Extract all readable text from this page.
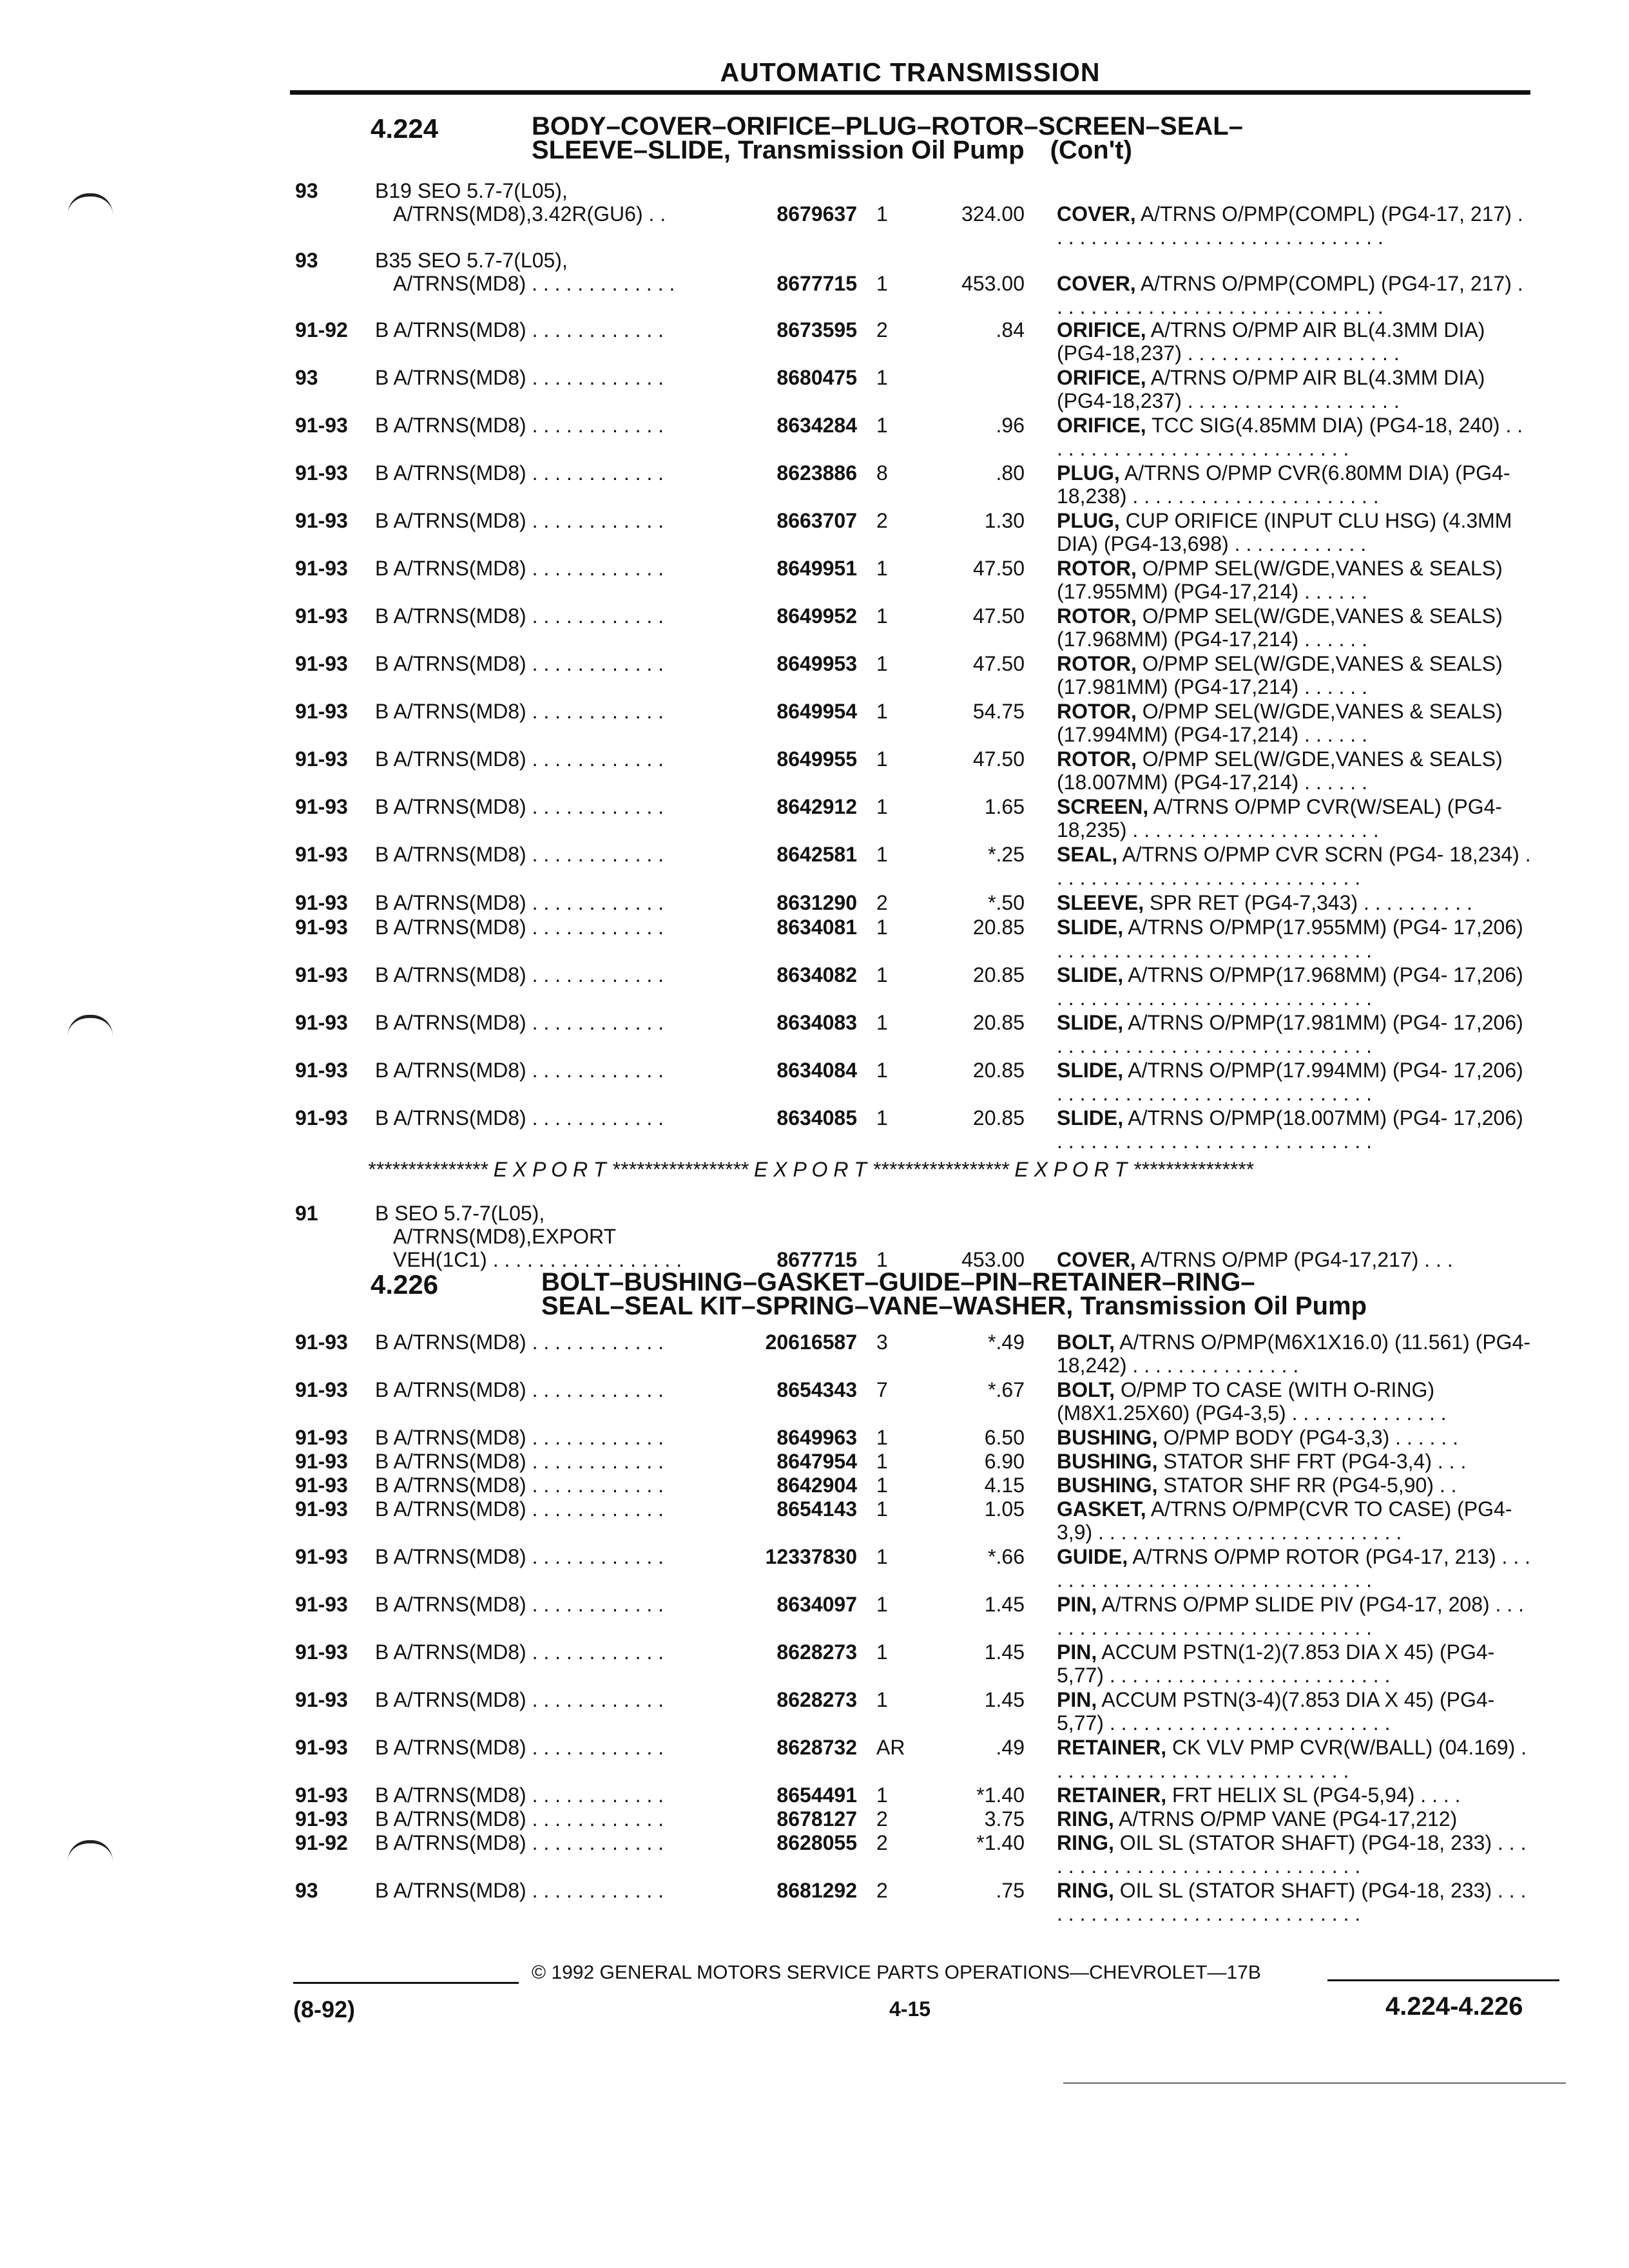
AUTOMATIC TRANSMISSION
4.224	BODY–COVER–ORIFICE–PLUG–ROTOR–SCREEN–SEAL–
SLEEVE–SLIDE, Transmission Oil Pump (Con't)
4.226	BOLT–BUSHING–GASKET–GUIDE–PIN–RETAINER–RING–
SEAL–SEAL KIT–SPRING–VANE–WASHER, Transmission Oil Pump
*************** E X P O R T ***************** E X P O R T ***************** E X P O R T ***************
93	B19 SEO 5.7-7(L05),
A/TRNS(MD8),3.42R(GU6) . .	8679637 1	324.00 COVER, A/TRNS O/PMP(COMPL) (PG4-17, 217) . . . . . . . . . . . . . . . . . . . . . . . . . . . . . .
93	B35 SEO 5.7-7(L05),
A/TRNS(MD8) . . . . . . . . . . . . .	8677715 1	453.00 COVER, A/TRNS O/PMP(COMPL) (PG4-17, 217) . . . . . . . . . . . . . . . . . . . . . . . . . . . . . .
91-92 B A/TRNS(MD8) . . . . . . . . . . . .	8673595 2	.84 ORIFICE, A/TRNS O/PMP AIR BL(4.3MM DIA) (PG4-18,237) . . . . . . . . . . . . . . . . . . .
93	B A/TRNS(MD8) . . . . . . . . . . . .	8680475 1	ORIFICE, A/TRNS O/PMP AIR BL(4.3MM DIA) (PG4-18,237) . . . . . . . . . . . . . . . . . . .
91-93 B A/TRNS(MD8) . . . . . . . . . . . .	8634284 1	.96 ORIFICE, TCC SIG(4.85MM DIA) (PG4-18, 240) . . . . . . . . . . . . . . . . . . . . . . . . . . . .
91-93 B A/TRNS(MD8) . . . . . . . . . . . .	8623886 8	.80 PLUG, A/TRNS O/PMP CVR(6.80MM DIA) (PG4-18,238) . . . . . . . . . . . . . . . . . . . . . .
91-93 B A/TRNS(MD8) . . . . . . . . . . . .	8663707 2	1.30 PLUG, CUP ORIFICE (INPUT CLU HSG) (4.3MM DIA) (PG4-13,698) . . . . . . . . . . . .
91-93 B A/TRNS(MD8) . . . . . . . . . . . .	8649951 1	47.50 ROTOR, O/PMP SEL(W/GDE,VANES & SEALS)(17.955MM) (PG4-17,214) . . . . . .
91-93 B A/TRNS(MD8) . . . . . . . . . . . .	8649952 1	47.50 ROTOR, O/PMP SEL(W/GDE,VANES & SEALS)(17.968MM) (PG4-17,214) . . . . . .
91-93 B A/TRNS(MD8) . . . . . . . . . . . .	8649953 1	47.50 ROTOR, O/PMP SEL(W/GDE,VANES & SEALS)(17.981MM) (PG4-17,214) . . . . . .
91-93 B A/TRNS(MD8) . . . . . . . . . . . .	8649954 1	54.75 ROTOR, O/PMP SEL(W/GDE,VANES & SEALS)(17.994MM) (PG4-17,214) . . . . . .
91-93 B A/TRNS(MD8) . . . . . . . . . . . .	8649955 1	47.50 ROTOR, O/PMP SEL(W/GDE,VANES & SEALS)(18.007MM) (PG4-17,214) . . . . . .
91-93 B A/TRNS(MD8) . . . . . . . . . . . .	8642912 1	1.65 SCREEN, A/TRNS O/PMP CVR(W/SEAL) (PG4-18,235) . . . . . . . . . . . . . . . . . . . . . .
91-93 B A/TRNS(MD8) . . . . . . . . . . . .	8642581 1	*.25 SEAL, A/TRNS O/PMP CVR SCRN (PG4- 18,234) . . . . . . . . . . . . . . . . . . . . . . . . . . . .
91-93 B A/TRNS(MD8) . . . . . . . . . . . .	8631290 2	*.50 SLEEVE, SPR RET (PG4-7,343) . . . . . . . . . .
91-93 B A/TRNS(MD8) . . . . . . . . . . . .	8634081 1	20.85 SLIDE, A/TRNS O/PMP(17.955MM) (PG4- 17,206) . . . . . . . . . . . . . . . . . . . . . . . . . . . .
91-93 B A/TRNS(MD8) . . . . . . . . . . . .	8634082 1	20.85 SLIDE, A/TRNS O/PMP(17.968MM) (PG4- 17,206) . . . . . . . . . . . . . . . . . . . . . . . . . . . .
91-93 B A/TRNS(MD8) . . . . . . . . . . . .	8634083 1	20.85 SLIDE, A/TRNS O/PMP(17.981MM) (PG4- 17,206) . . . . . . . . . . . . . . . . . . . . . . . . . . . .
91-93 B A/TRNS(MD8) . . . . . . . . . . . .	8634084 1	20.85 SLIDE, A/TRNS O/PMP(17.994MM) (PG4- 17,206) . . . . . . . . . . . . . . . . . . . . . . . . . . . .
91-93 B A/TRNS(MD8) . . . . . . . . . . . .	8634085 1	20.85 SLIDE, A/TRNS O/PMP(18.007MM) (PG4- 17,206) . . . . . . . . . . . . . . . . . . . . . . . . . . . .
91	B SEO 5.7-7(L05),
A/TRNS(MD8),EXPORT
VEH(1C1) . . . . . . . . . . . . . . . . .	8677715 1	453.00 COVER, A/TRNS O/PMP (PG4-17,217) . . .
91-93 B A/TRNS(MD8) . . . . . . . . . . . .	20616587 3	*.49 BOLT, A/TRNS O/PMP(M6X1X16.0) (11.561) (PG4-18,242) . . . . . . . . . . . . . . .
91-93 B A/TRNS(MD8) . . . . . . . . . . . .	8654343 7	*.67 BOLT, O/PMP TO CASE (WITH O-RING) (M8X1.25X60) (PG4-3,5) . . . . . . . . . . . . . .
91-93 B A/TRNS(MD8) . . . . . . . . . . . .	8649963 1	6.50 BUSHING, O/PMP BODY (PG4-3,3) . . . . . .
91-93 B A/TRNS(MD8) . . . . . . . . . . . .	8647954 1	6.90 BUSHING, STATOR SHF FRT (PG4-3,4) . . .
91-93 B A/TRNS(MD8) . . . . . . . . . . . .	8642904 1	4.15 BUSHING, STATOR SHF RR (PG4-5,90) . .
91-93 B A/TRNS(MD8) . . . . . . . . . . . .	8654143 1	1.05 GASKET, A/TRNS O/PMP(CVR TO CASE) (PG4-3,9) . . . . . . . . . . . . . . . . . . . . . . . . . . .
91-93 B A/TRNS(MD8) . . . . . . . . . . . .	12337830 1	*.66 GUIDE, A/TRNS O/PMP ROTOR (PG4-17, 213) . . . . . . . . . . . . . . . . . . . . . . . . . . . . . . .
91-93 B A/TRNS(MD8) . . . . . . . . . . . .	8634097 1	1.45 PIN, A/TRNS O/PMP SLIDE PIV (PG4-17, 208) . . . . . . . . . . . . . . . . . . . . . . . . . . . . . . .
91-93 B A/TRNS(MD8) . . . . . . . . . . . .	8628273 1	1.45 PIN, ACCUM PSTN(1-2)(7.853 DIA X 45) (PG4-5,77) . . . . . . . . . . . . . . . . . . . . . . . . .
91-93 B A/TRNS(MD8) . . . . . . . . . . . .	8628273 1	1.45 PIN, ACCUM PSTN(3-4)(7.853 DIA X 45) (PG4-5,77) . . . . . . . . . . . . . . . . . . . . . . . . .
91-93 B A/TRNS(MD8) . . . . . . . . . . . .	8628732 AR	.49 RETAINER, CK VLV PMP CVR(W/BALL) (04.169) . . . . . . . . . . . . . . . . . . . . . . . . . . .
91-93 B A/TRNS(MD8) . . . . . . . . . . . .	8654491 1	*1.40 RETAINER, FRT HELIX SL (PG4-5,94) . . . .
91-93 B A/TRNS(MD8) . . . . . . . . . . . .	8678127 2	3.75 RING, A/TRNS O/PMP VANE (PG4-17,212)
91-92 B A/TRNS(MD8) . . . . . . . . . . . .	8628055 2	*1.40 RING, OIL SL (STATOR SHAFT) (PG4-18, 233) . . . . . . . . . . . . . . . . . . . . . . . . . . . . . .
93	B A/TRNS(MD8) . . . . . . . . . . . .	8681292 2	.75 RING, OIL SL (STATOR SHAFT) (PG4-18, 233) . . . . . . . . . . . . . . . . . . . . . . . . . . . . . .
© 1992 GENERAL MOTORS SERVICE PARTS OPERATIONS—CHEVROLET—17B
(8-92)	4-15	4.224-4.226
